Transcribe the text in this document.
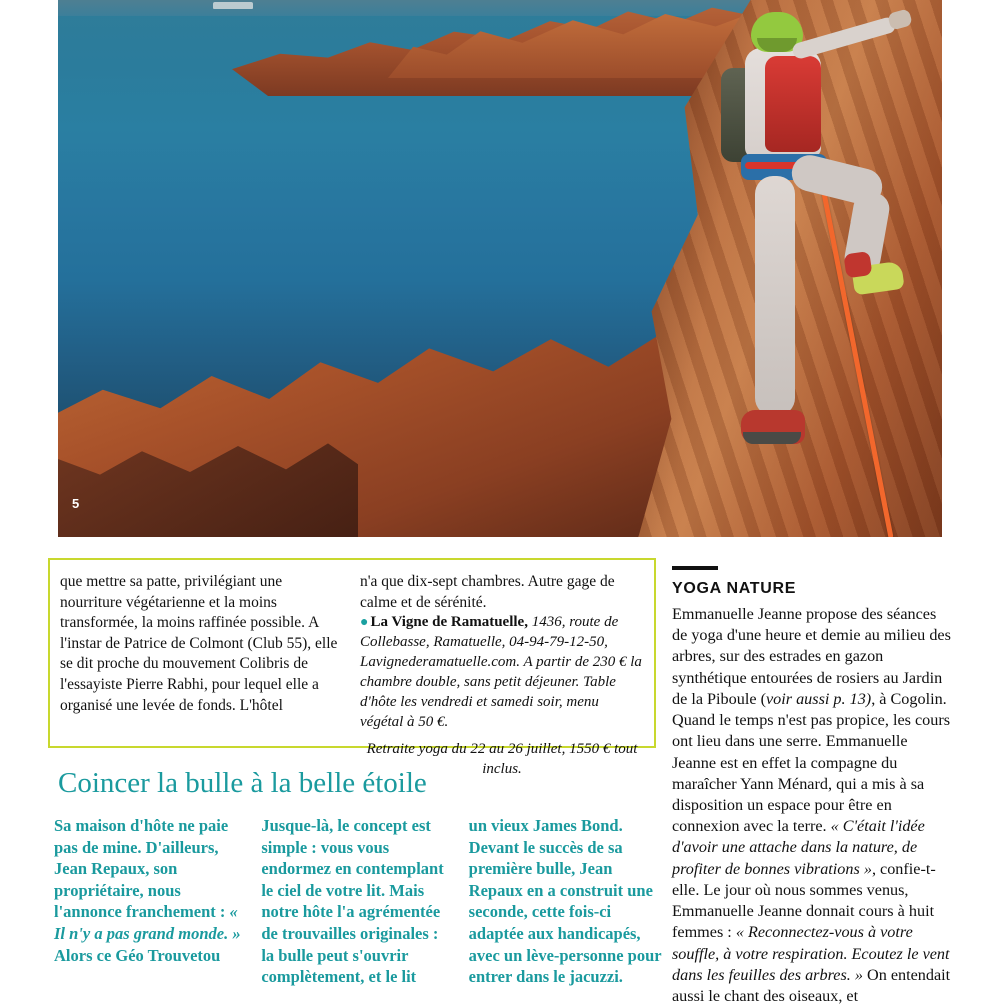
5

que mettre sa patte, privilégiant une nourriture végétarienne et la moins transformée, la moins raffinée possible. A l'instar de Patrice de Colmont (Club 55), elle se dit proche du mouvement Colibris de l'essayiste Pierre Rabhi, pour lequel elle a organisé une levée de fonds. L'hôtel

n'a que dix-sept chambres. Autre gage de calme et de sérénité.

● La Vigne de Ramatuelle, 1436, route de Collebasse, Ramatuelle, 04-94-79-12-50, Lavignederamatuelle.com. A partir de 230 € la chambre double, sans petit déjeuner. Table d'hôte les vendredi et samedi soir, menu végétal à 50 €.
Retraite yoga du 22 au 26 juillet, 1550 € tout inclus.

Coincer la bulle à la belle étoile

Sa maison d'hôte ne paie pas de mine. D'ailleurs, Jean Repaux, son propriétaire, nous l'annonce franchement : « Il n'y a pas grand monde. » Alors ce Géo Trouvetou

Jusque-là, le concept est simple : vous vous endormez en contemplant le ciel de votre lit. Mais notre hôte l'a agrémentée de trouvailles originales : la bulle peut s'ouvrir complètement, et le lit

un vieux James Bond. Devant le succès de sa première bulle, Jean Repaux en a construit une seconde, cette fois-ci adaptée aux handicapés, avec un lève-personne pour entrer dans le jacuzzi.

YOGA NATURE

Emmanuelle Jeanne propose des séances de yoga d'une heure et demie au milieu des arbres, sur des estrades en gazon synthétique entourées de rosiers au Jardin de la Piboule (voir aussi p. 13), à Cogolin. Quand le temps n'est pas propice, les cours ont lieu dans une serre. Emmanuelle Jeanne est en effet la compagne du maraîcher Yann Ménard, qui a mis à sa disposition un espace pour être en connexion avec la terre. « C'était l'idée d'avoir une attache dans la nature, de profiter de bonnes vibrations », confie-t-elle. Le jour où nous sommes venus, Emmanuelle Jeanne donnait cours à huit femmes : « Reconnectez-vous à votre souffle, à votre respiration. Ecoutez le vent dans les feuilles des arbres. » On entendait aussi le chant des oiseaux, et
